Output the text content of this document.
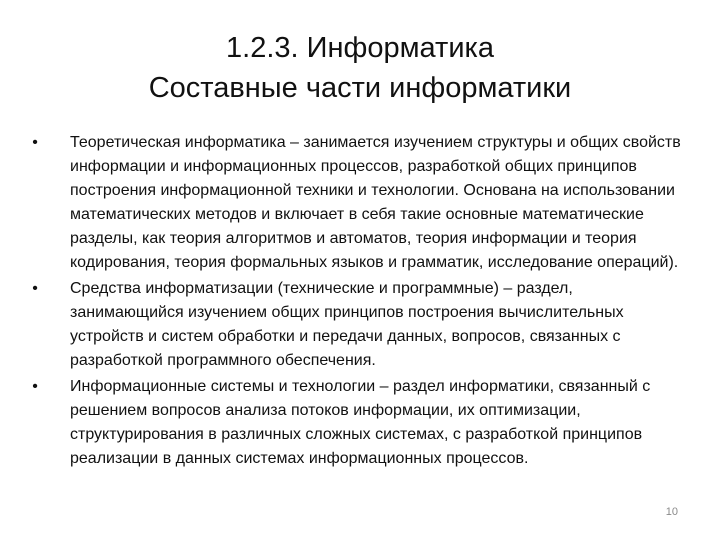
1.2.3. Информатика
Составные части информатики
• Теоретическая информатика – занимается изучением структуры и общих свойств информации и информационных процессов, разработкой общих принципов построения информационной техники и технологии. Основана на использовании математических методов и включает в себя такие основные математические разделы, как теория алгоритмов и автоматов, теория информации и теория кодирования, теория формальных языков и грамматик, исследование операций).
• Средства информатизации (технические и программные) – раздел, занимающийся изучением общих принципов построения вычислительных устройств и систем обработки и передачи данных, вопросов, связанных с разработкой программного обеспечения.
• Информационные системы и технологии – раздел информатики, связанный с решением вопросов анализа потоков информации, их оптимизации, структурирования в различных сложных системах, с разработкой принципов реализации в данных системах информационных процессов.
10
